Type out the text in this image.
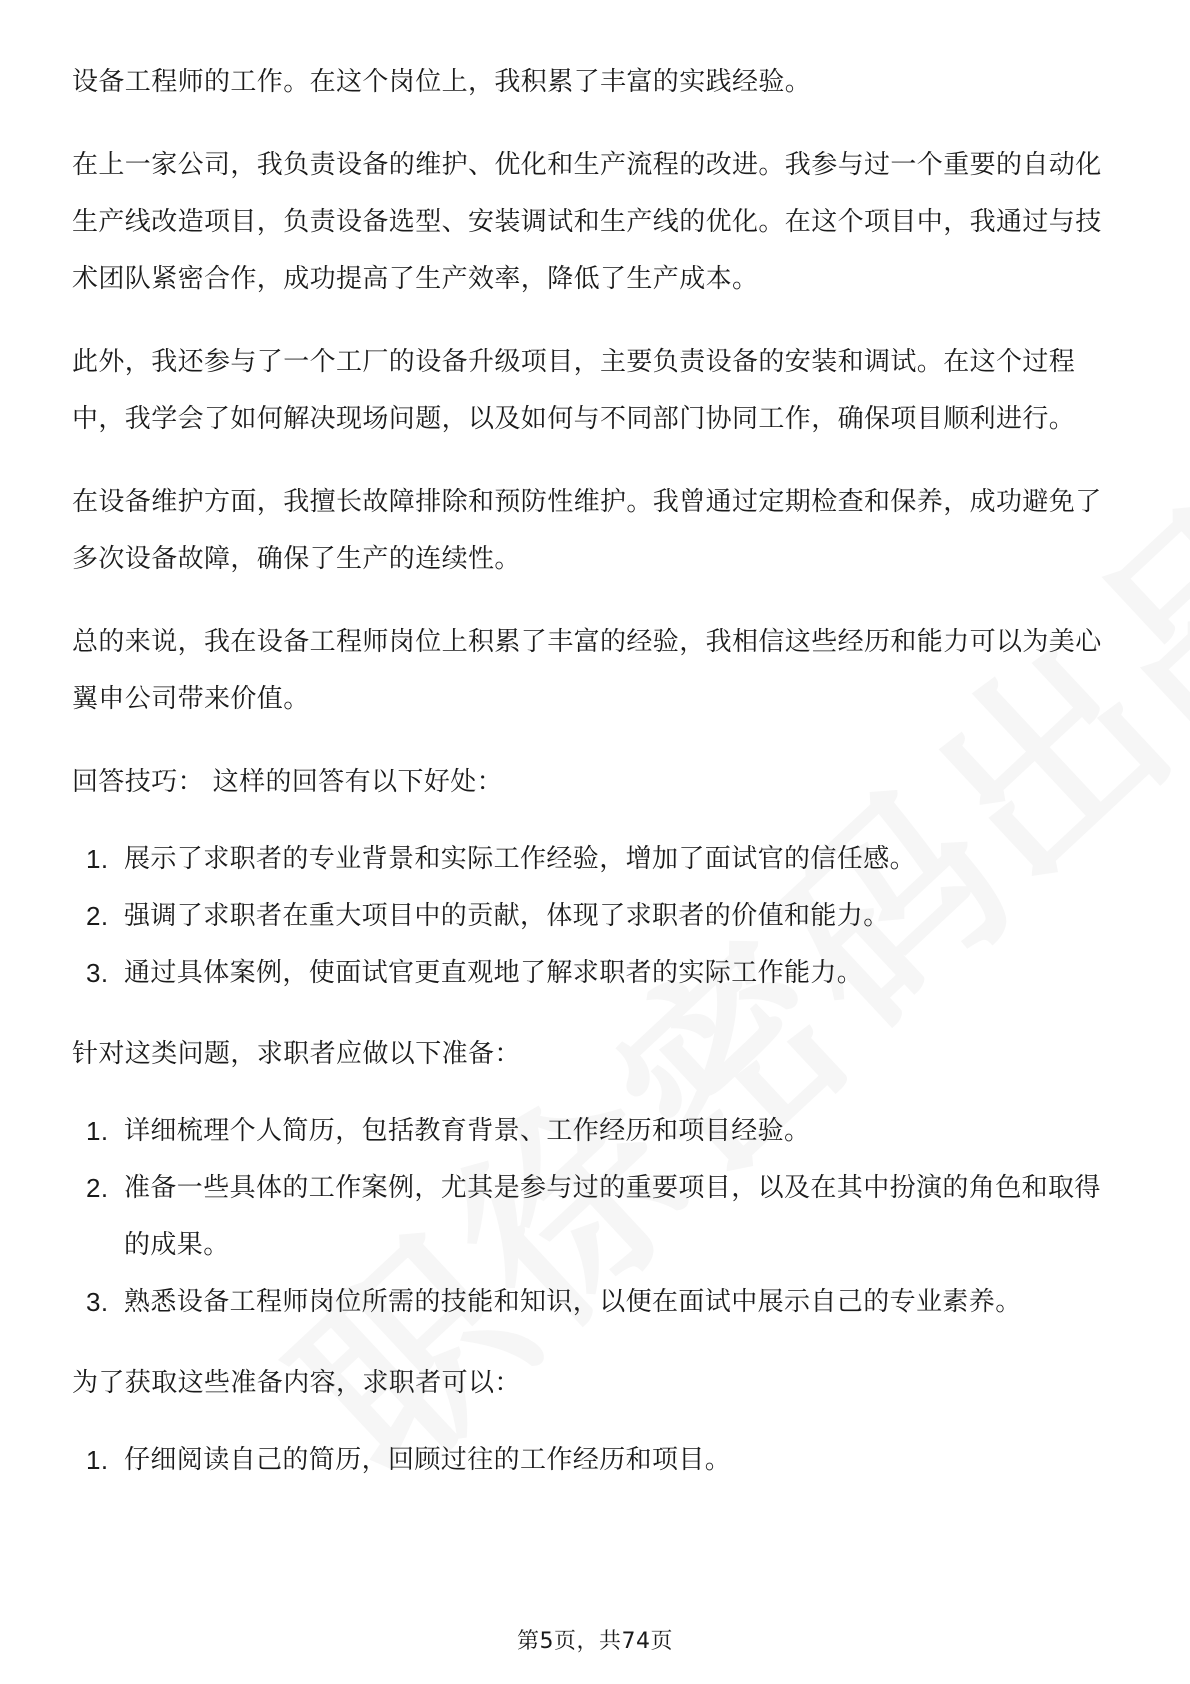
设备工程师的工作。在这个岗位上，我积累了丰富的实践经验。

在上一家公司，我负责设备的维护、优化和生产流程的改进。我参与过一个重要的自动化生产线改造项目，负责设备选型、安装调试和生产线的优化。在这个项目中，我通过与技术团队紧密合作，成功提高了生产效率，降低了生产成本。

此外，我还参与了一个工厂的设备升级项目，主要负责设备的安装和调试。在这个过程中，我学会了如何解决现场问题，以及如何与不同部门协同工作，确保项目顺利进行。

在设备维护方面，我擅长故障排除和预防性维护。我曾通过定期检查和保养，成功避免了多次设备故障，确保了生产的连续性。

总的来说，我在设备工程师岗位上积累了丰富的经验，我相信这些经历和能力可以为美心翼申公司带来价值。

回答技巧： 这样的回答有以下好处：

1. 展示了求职者的专业背景和实际工作经验，增加了面试官的信任感。
2. 强调了求职者在重大项目中的贡献，体现了求职者的价值和能力。
3. 通过具体案例，使面试官更直观地了解求职者的实际工作能力。

针对这类问题，求职者应做以下准备：

1. 详细梳理个人简历，包括教育背景、工作经历和项目经验。
2. 准备一些具体的工作案例，尤其是参与过的重要项目，以及在其中扮演的角色和取得的成果。
3. 熟悉设备工程师岗位所需的技能和知识，以便在面试中展示自己的专业素养。

为了获取这些准备内容，求职者可以：

1. 仔细阅读自己的简历，回顾过往的工作经历和项目。
第5页，共74页
